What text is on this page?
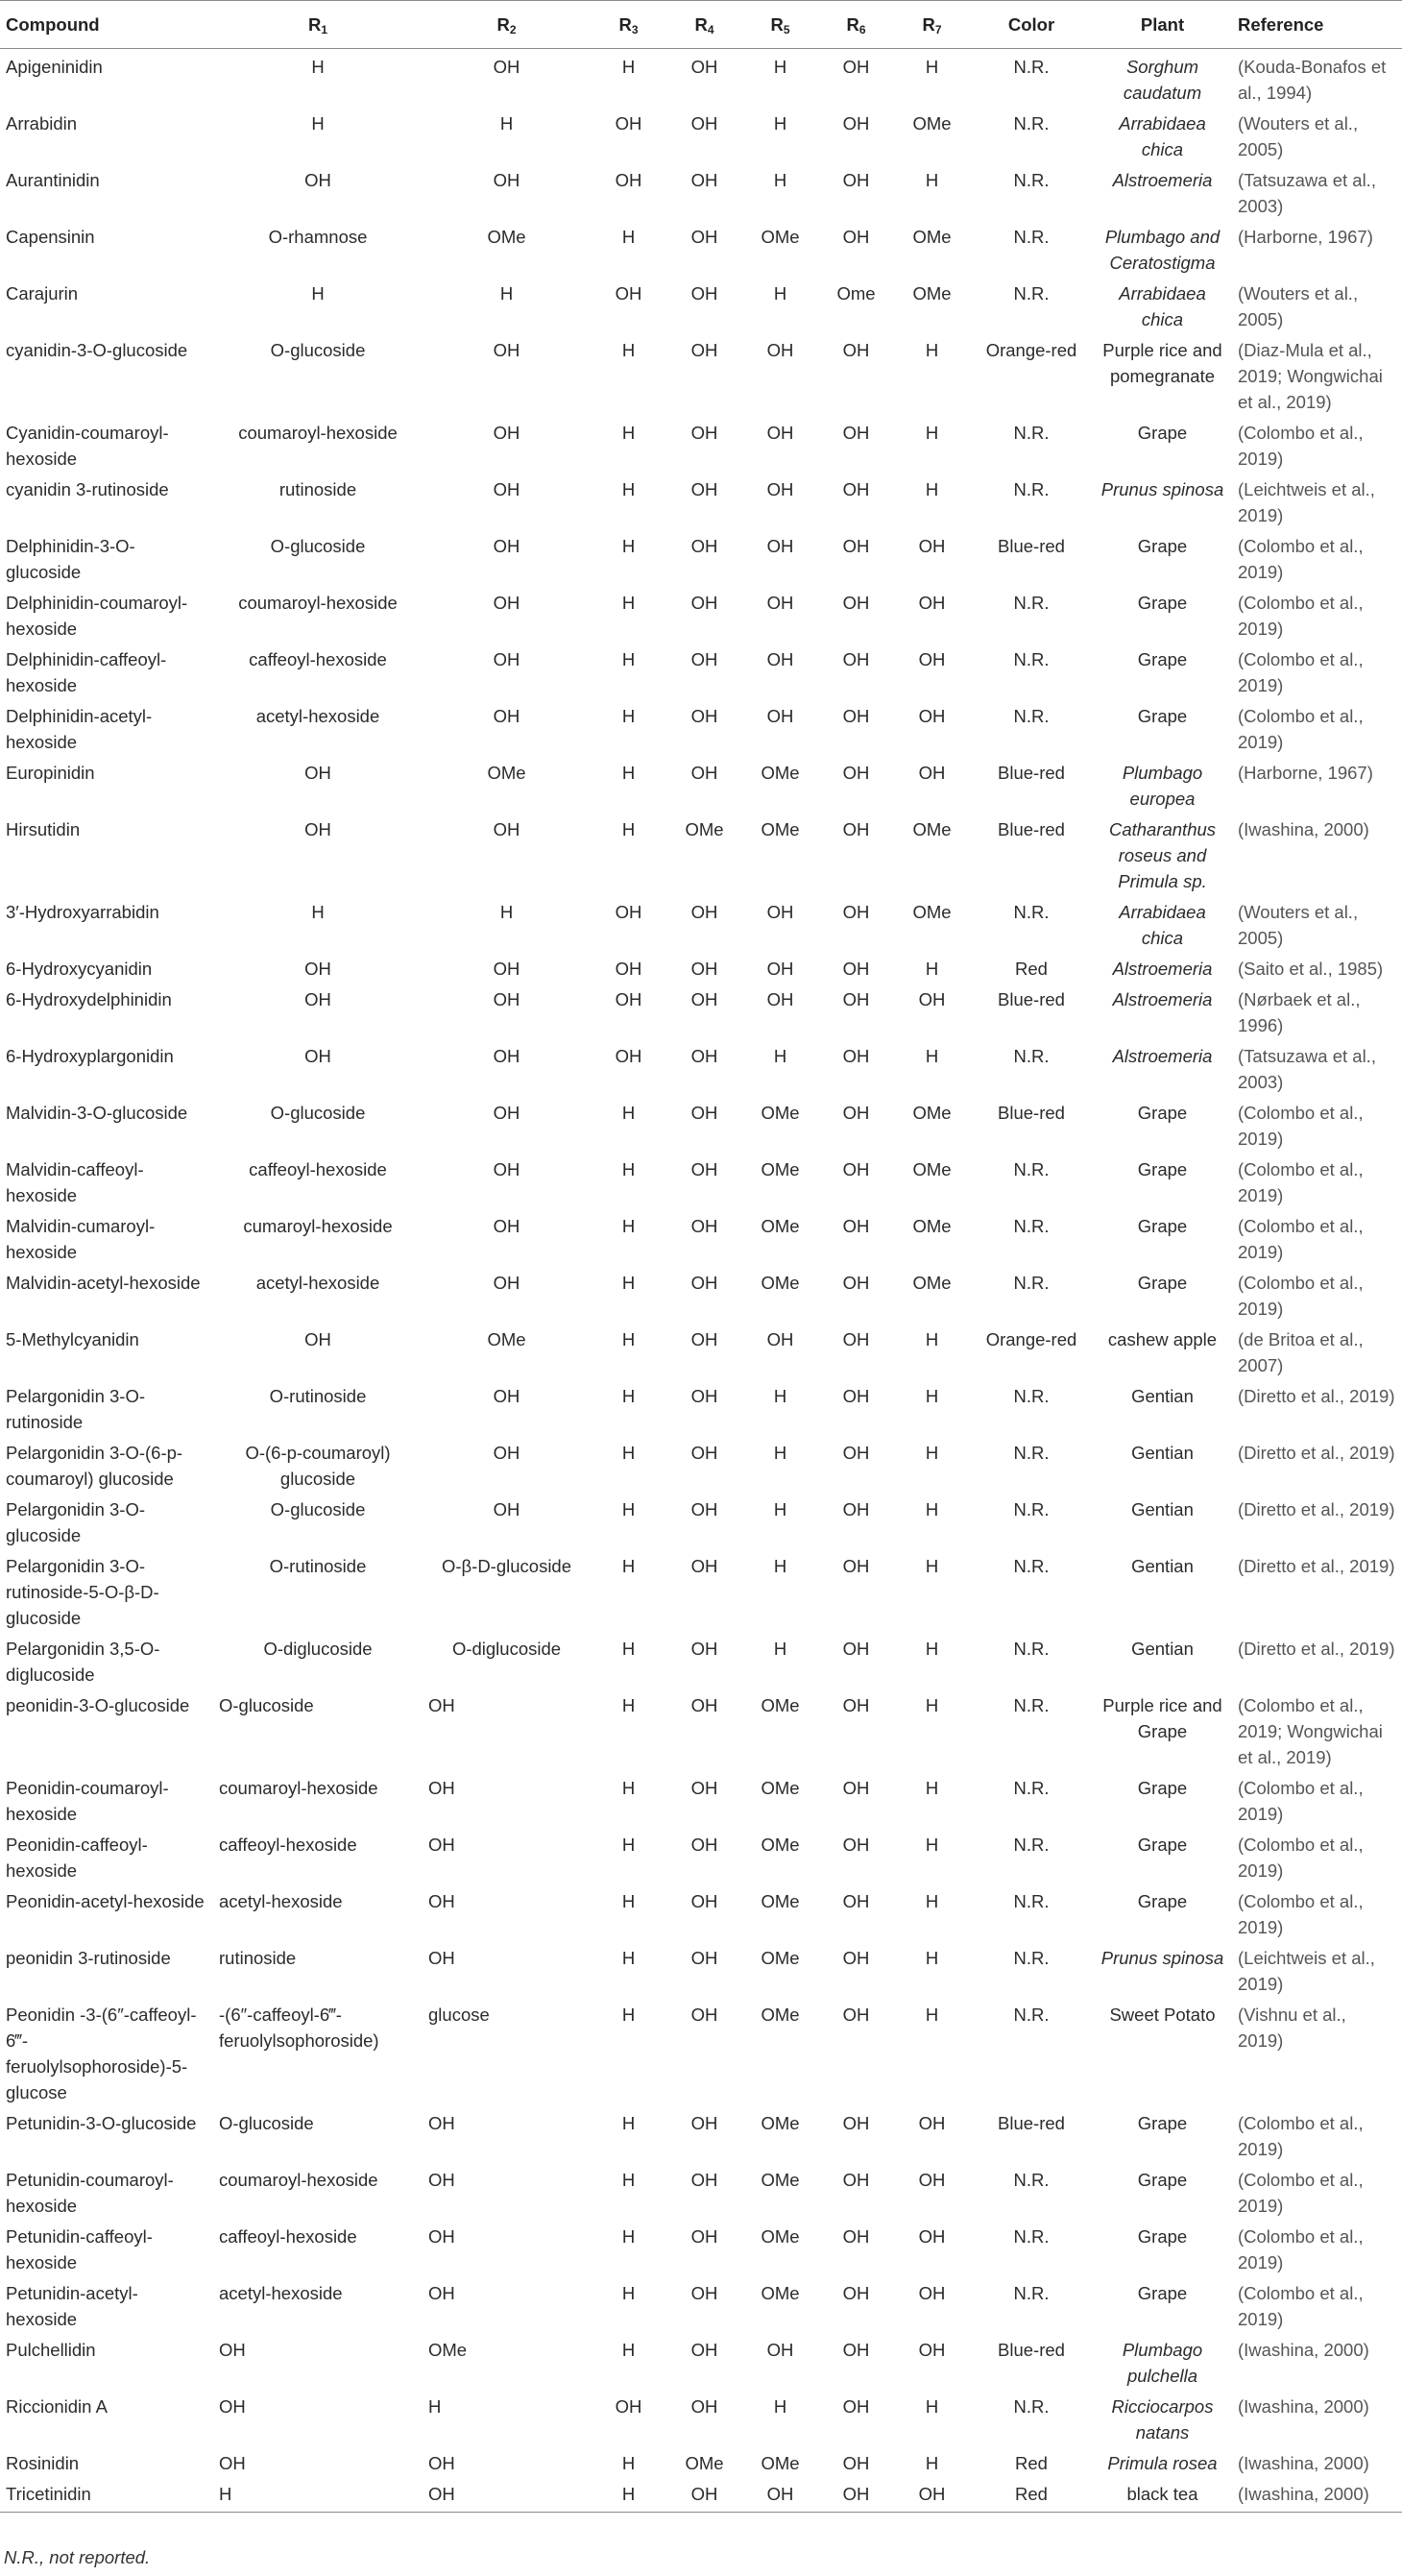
Compound	$R_1$	$R_2$	$R_3$	$R_4$	$R_5$	$R_6$	$R_7$	Color	Plant	Reference
Apigeninidin	H	OH	H	OH	H	OH	H	N.R.	Sorghum caudatum	(Kouda-Bonafos et al., 1994)
Arrabidin	H	H	OH	OH	H	OH	OMe	N.R.	Arrabidaea chica	(Wouters et al., 2005)
Aurantinidin	OH	OH	OH	OH	H	OH	H	N.R.	Alstroemeria	(Tatsuzawa et al., 2003)
Capensinin	O-rhamnose	OMe	H	OH	OMe	OH	OMe	N.R.	Plumbago and Ceratostigma	(Harborne, 1967)
Carajurin	H	H	OH	OH	H	Ome	OMe	N.R.	Arrabidaea chica	(Wouters et al., 2005)
cyanidin-3-O-glucoside	O-glucoside	OH	H	OH	OH	OH	H	Orange-red	Purple rice and pomegranate	(Diaz-Mula et al., 2019; Wongwichai et al., 2019)
Cyanidin-coumaroyl-hexoside	coumaroyl-hexoside	OH	H	OH	OH	OH	H	N.R.	Grape	(Colombo et al., 2019)
cyanidin 3-rutinoside	rutinoside	OH	H	OH	OH	OH	H	N.R.	Prunus spinosa	(Leichtweis et al., 2019)
Delphinidin-3-O-glucoside	O-glucoside	OH	H	OH	OH	OH	OH	Blue-red	Grape	(Colombo et al., 2019)
Delphinidin-coumaroyl-hexoside	coumaroyl-hexoside	OH	H	OH	OH	OH	OH	N.R.	Grape	(Colombo et al., 2019)
Delphinidin-caffeoyl-hexoside	caffeoyl-hexoside	OH	H	OH	OH	OH	OH	N.R.	Grape	(Colombo et al., 2019)
Delphinidin-acetyl-hexoside	acetyl-hexoside	OH	H	OH	OH	OH	OH	N.R.	Grape	(Colombo et al., 2019)
Europinidin	OH	OMe	H	OH	OMe	OH	OH	Blue-red	Plumbago europea	(Harborne, 1967)
Hirsutidin	OH	OH	H	OMe	OMe	OH	OMe	Blue-red	Catharanthus roseus and Primula sp.	(Iwashina, 2000)
3′-Hydroxyarrabidin	H	H	OH	OH	OH	OH	OMe	N.R.	Arrabidaea chica	(Wouters et al., 2005)
6-Hydroxycyanidin	OH	OH	OH	OH	OH	OH	H	Red	Alstroemeria	(Saito et al., 1985)
6-Hydroxydelphinidin	OH	OH	OH	OH	OH	OH	OH	Blue-red	Alstroemeria	(Nørbaek et al., 1996)
6-Hydroxyplargonidin	OH	OH	OH	OH	H	OH	H	N.R.	Alstroemeria	(Tatsuzawa et al., 2003)
Malvidin-3-O-glucoside	O-glucoside	OH	H	OH	OMe	OH	OMe	Blue-red	Grape	(Colombo et al., 2019)
Malvidin-caffeoyl-hexoside	caffeoyl-hexoside	OH	H	OH	OMe	OH	OMe	N.R.	Grape	(Colombo et al., 2019)
Malvidin-cumaroyl-hexoside	cumaroyl-hexoside	OH	H	OH	OMe	OH	OMe	N.R.	Grape	(Colombo et al., 2019)
Malvidin-acetyl-hexoside	acetyl-hexoside	OH	H	OH	OMe	OH	OMe	N.R.	Grape	(Colombo et al., 2019)
5-Methylcyanidin	OH	OMe	H	OH	OH	OH	H	Orange-red	cashew apple	(de Britoa et al., 2007)
Pelargonidin 3-O-rutinoside	O-rutinoside	OH	H	OH	H	OH	H	N.R.	Gentian	(Diretto et al., 2019)
Pelargonidin 3-O-(6-p-coumaroyl) glucoside	O-(6-p-coumaroyl) glucoside	OH	H	OH	H	OH	H	N.R.	Gentian	(Diretto et al., 2019)
Pelargonidin 3-O-glucoside	O-glucoside	OH	H	OH	H	OH	H	N.R.	Gentian	(Diretto et al., 2019)
Pelargonidin 3-O-rutinoside-5-O-β-D-glucoside	O-rutinoside	O-β-D-glucoside	H	OH	H	OH	H	N.R.	Gentian	(Diretto et al., 2019)
Pelargonidin 3,5-O-diglucoside	O-diglucoside	O-diglucoside	H	OH	H	OH	H	N.R.	Gentian	(Diretto et al., 2019)
peonidin-3-O-glucoside	O-glucoside	OH	H	OH	OMe	OH	H	N.R.	Purple rice and Grape	(Colombo et al., 2019; Wongwichai et al., 2019)
Peonidin-coumaroyl-hexoside	coumaroyl-hexoside	OH	H	OH	OMe	OH	H	N.R.	Grape	(Colombo et al., 2019)
Peonidin-caffeoyl-hexoside	caffeoyl-hexoside	OH	H	OH	OMe	OH	H	N.R.	Grape	(Colombo et al., 2019)
Peonidin-acetyl-hexoside	acetyl-hexoside	OH	H	OH	OMe	OH	H	N.R.	Grape	(Colombo et al., 2019)
peonidin 3-rutinoside	rutinoside	OH	H	OH	OMe	OH	H	N.R.	Prunus spinosa	(Leichtweis et al., 2019)
Peonidin -3-(6″-caffeoyl-6‴-feruolylsophoroside)-5-glucose	-(6″-caffeoyl-6‴-feruolylsophoroside)	glucose	H	OH	OMe	OH	H	N.R.	Sweet Potato	(Vishnu et al., 2019)
Petunidin-3-O-glucoside	O-glucoside	OH	H	OH	OMe	OH	OH	Blue-red	Grape	(Colombo et al., 2019)
Petunidin-coumaroyl-hexoside	coumaroyl-hexoside	OH	H	OH	OMe	OH	OH	N.R.	Grape	(Colombo et al., 2019)
Petunidin-caffeoyl-hexoside	caffeoyl-hexoside	OH	H	OH	OMe	OH	OH	N.R.	Grape	(Colombo et al., 2019)
Petunidin-acetyl-hexoside	acetyl-hexoside	OH	H	OH	OMe	OH	OH	N.R.	Grape	(Colombo et al., 2019)
Pulchellidin	OH	OMe	H	OH	OH	OH	OH	Blue-red	Plumbago pulchella	(Iwashina, 2000)
Riccionidin A	OH	H	OH	OH	H	OH	H	N.R.	Ricciocarpos natans	(Iwashina, 2000)
Rosinidin	OH	OH	H	OMe	OMe	OH	H	Red	Primula rosea	(Iwashina, 2000)
Tricetinidin	H	OH	H	OH	OH	OH	OH	Red	black tea	(Iwashina, 2000)
N.R., not reported.
